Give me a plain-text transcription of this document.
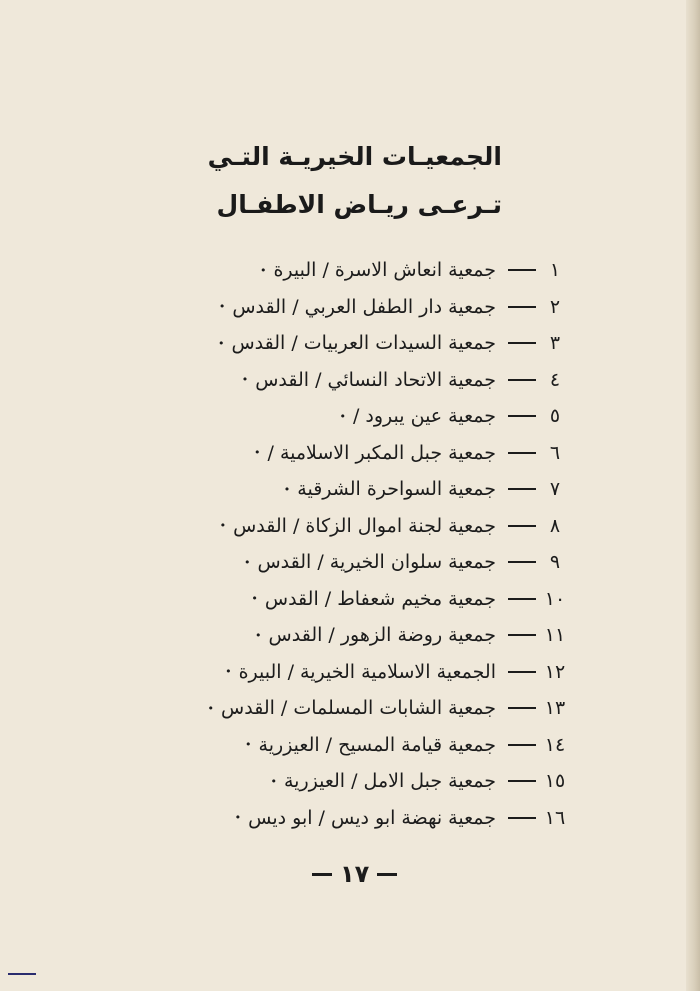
الجمعيـات الخيريـة التـي
تـرعـى ريـاض الاطفـال
١
جمعية انعاش الاسرة / البيرة
•
٢
جمعية دار الطفل العربي / القدس
•
٣
جمعية السيدات العربيات / القدس
•
٤
جمعية الاتحاد النسائي / القدس
•
٥
جمعية عين يبرود /
•
٦
جمعية جبل المكبر الاسلامية /
•
٧
جمعية السواحرة الشرقية
•
٨
جمعية لجنة اموال الزكاة / القدس
•
٩
جمعية سلوان الخيرية / القدس
•
١٠
جمعية مخيم شعفاط / القدس
•
١١
جمعية روضة الزهور / القدس
•
١٢
الجمعية الاسلامية الخيرية / البيرة
•
١٣
جمعية الشابات المسلمات / القدس
•
١٤
جمعية قيامة المسيح / العيزرية
•
١٥
جمعية جبل الامل / العيزرية
•
١٦
جمعية نهضة ابو ديس / ابو ديس
•
١٧
